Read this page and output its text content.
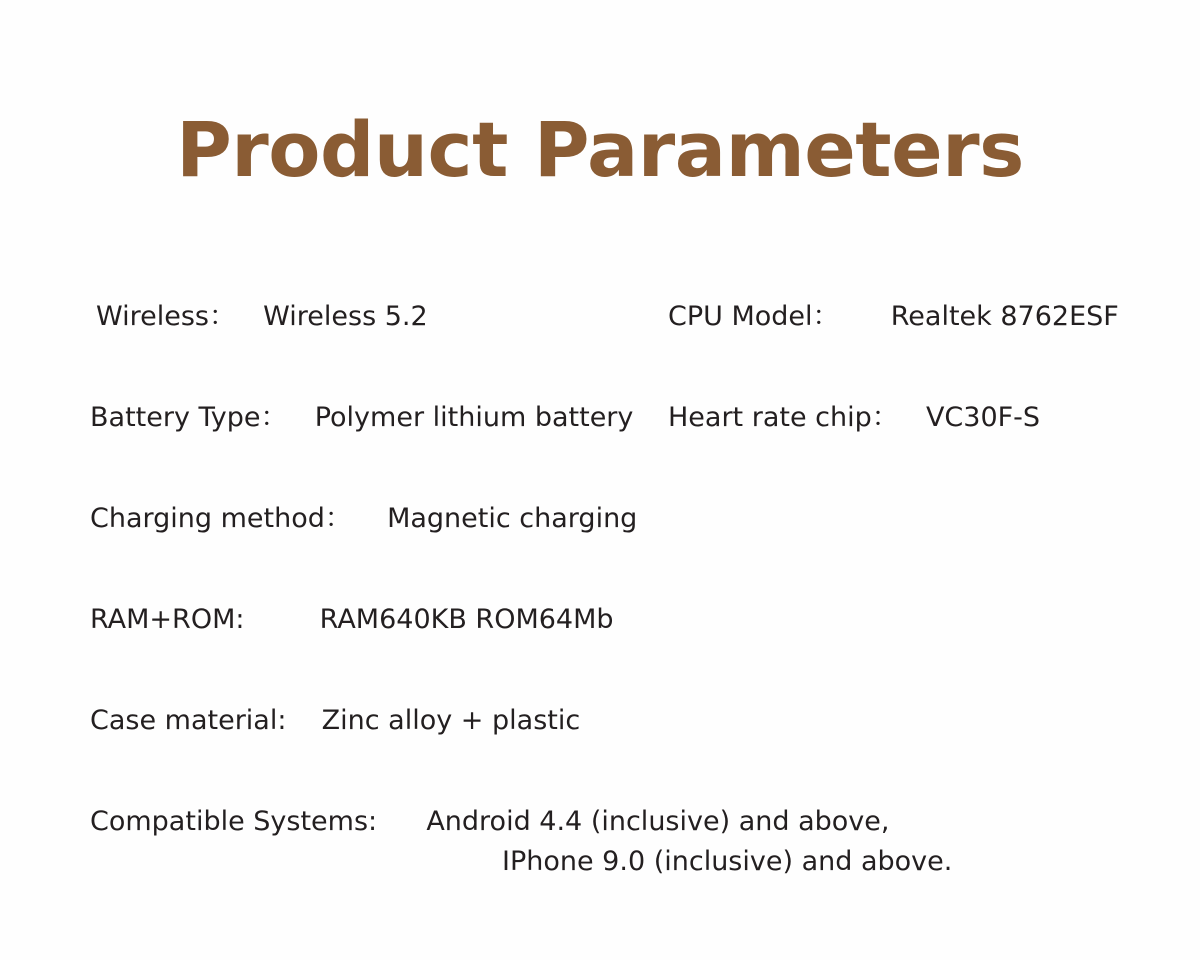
Product Parameters
Wireless： Wireless 5.2	CPU Model： Realtek 8762ESF
Battery Type： Polymer lithium battery Heart rate chip： VC30F-S
Charging method： Magnetic charging
RAM+ROM:	RAM640KB ROM64Mb
Case material: Zinc alloy + plastic
Compatible Systems: Android 4.4 (inclusive) and above,
IPhone 9.0 (inclusive) and above.
